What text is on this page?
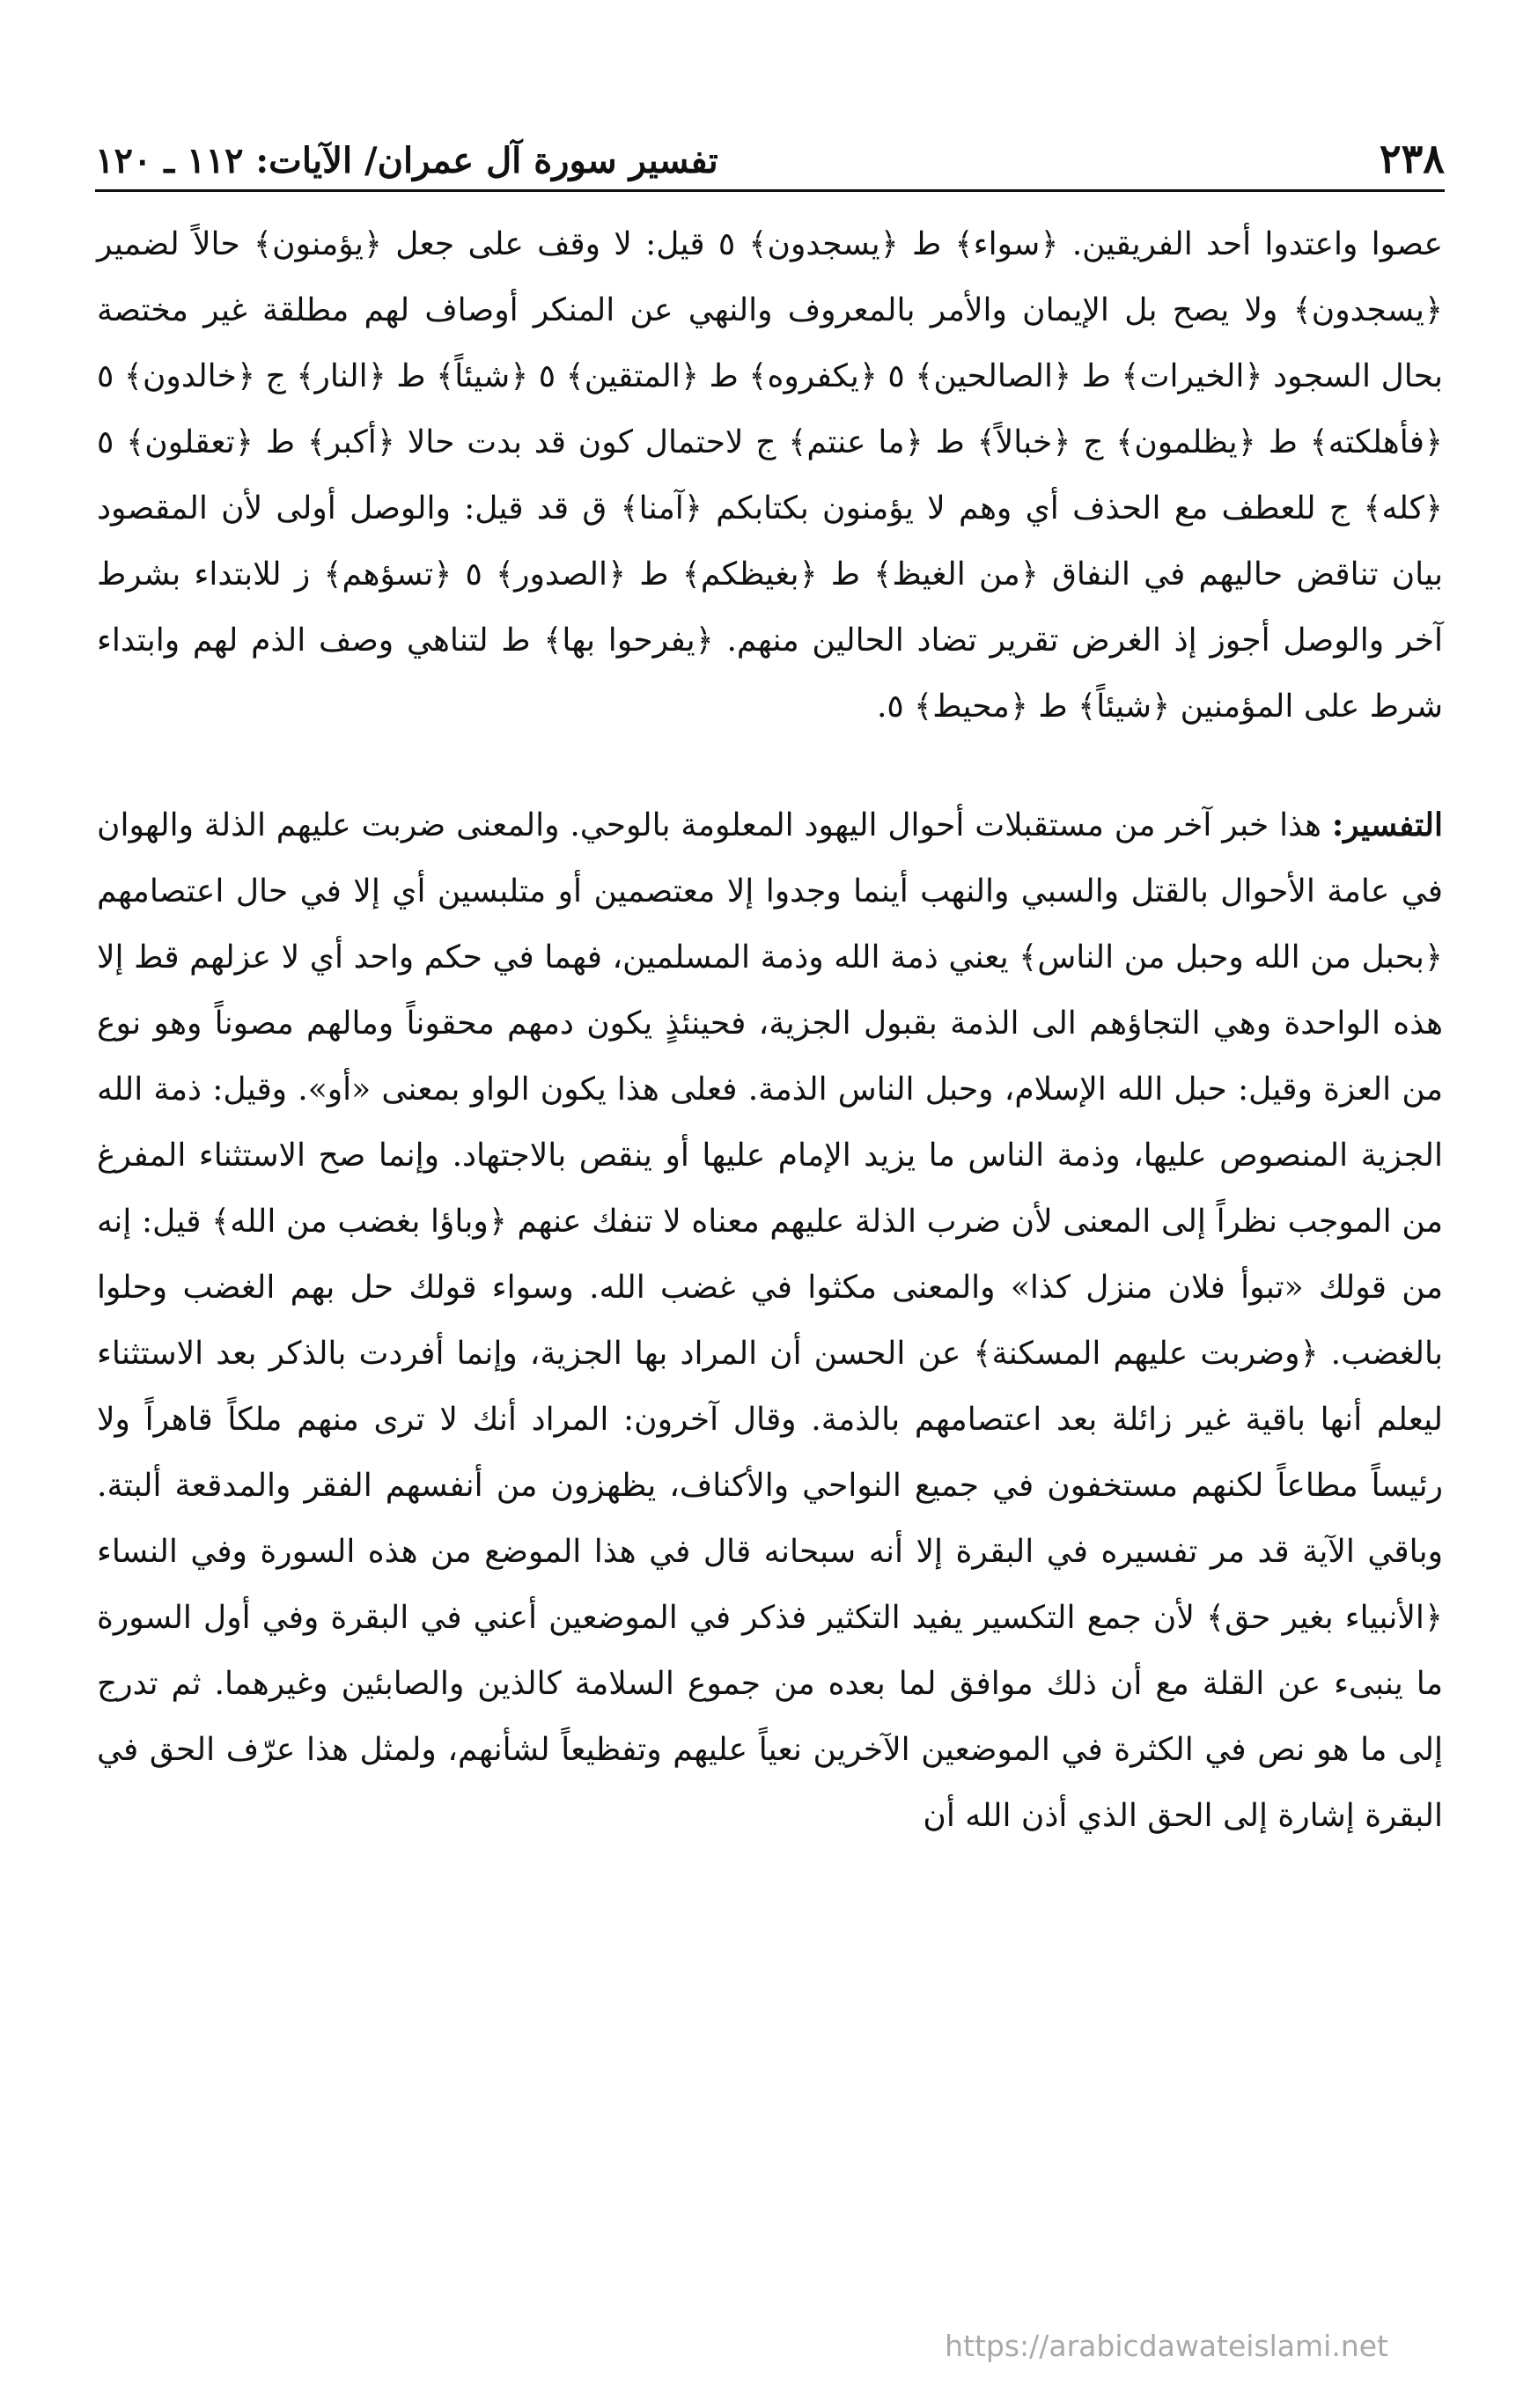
٢٣٨
تفسير سورة آل عمران/ الآيات: ١١٢ ـ ١٢٠

عصوا واعتدوا أحد الفريقين. ﴿سواء﴾ ط ﴿يسجدون﴾ ٥ قيل: لا وقف على جعل ﴿يؤمنون﴾ حالاً لضمير ﴿يسجدون﴾ ولا يصح بل الإيمان والأمر بالمعروف والنهي عن المنكر أوصاف لهم مطلقة غير مختصة بحال السجود ﴿الخيرات﴾ ط ﴿الصالحين﴾ ٥ ﴿يكفروه﴾ ط ﴿المتقين﴾ ٥ ﴿شيئاً﴾ ط ﴿النار﴾ ج ﴿خالدون﴾ ٥ ﴿فأهلكته﴾ ط ﴿يظلمون﴾ ج ﴿خبالاً﴾ ط ﴿ما عنتم﴾ ج لاحتمال كون قد بدت حالا ﴿أكبر﴾ ط ﴿تعقلون﴾ ٥ ﴿كله﴾ ج للعطف مع الحذف أي وهم لا يؤمنون بكتابكم ﴿آمنا﴾ ق قد قيل: والوصل أولى لأن المقصود بيان تناقض حاليهم في النفاق ﴿من الغيظ﴾ ط ﴿بغيظكم﴾ ط ﴿الصدور﴾ ٥ ﴿تسؤهم﴾ ز للابتداء بشرط آخر والوصل أجوز إذ الغرض تقرير تضاد الحالين منهم. ﴿يفرحوا بها﴾ ط لتناهي وصف الذم لهم وابتداء شرط على المؤمنين ﴿شيئاً﴾ ط ﴿محيط﴾ ٥.

التفسير: هذا خبر آخر من مستقبلات أحوال اليهود المعلومة بالوحي. والمعنى ضربت عليهم الذلة والهوان في عامة الأحوال بالقتل والسبي والنهب أينما وجدوا إلا معتصمين أو متلبسين أي إلا في حال اعتصامهم ﴿بحبل من الله وحبل من الناس﴾ يعني ذمة الله وذمة المسلمين، فهما في حكم واحد أي لا عزلهم قط إلا هذه الواحدة وهي التجاؤهم الى الذمة بقبول الجزية، فحينئذٍ يكون دمهم محقوناً ومالهم مصوناً وهو نوع من العزة وقيل: حبل الله الإسلام، وحبل الناس الذمة. فعلى هذا يكون الواو بمعنى «أو». وقيل: ذمة الله الجزية المنصوص عليها، وذمة الناس ما يزيد الإمام عليها أو ينقص بالاجتهاد. وإنما صح الاستثناء المفرغ من الموجب نظراً إلى المعنى لأن ضرب الذلة عليهم معناه لا تنفك عنهم ﴿وباؤا بغضب من الله﴾ قيل: إنه من قولك «تبوأ فلان منزل كذا» والمعنى مكثوا في غضب الله. وسواء قولك حل بهم الغضب وحلوا بالغضب. ﴿وضربت عليهم المسكنة﴾ عن الحسن أن المراد بها الجزية، وإنما أفردت بالذكر بعد الاستثناء ليعلم أنها باقية غير زائلة بعد اعتصامهم بالذمة. وقال آخرون: المراد أنك لا ترى منهم ملكاً قاهراً ولا رئيساً مطاعاً لكنهم مستخفون في جميع النواحي والأكناف، يظهزون من أنفسهم الفقر والمدقعة ألبتة. وباقي الآية قد مر تفسيره في البقرة إلا أنه سبحانه قال في هذا الموضع من هذه السورة وفي النساء ﴿الأنبياء بغير حق﴾ لأن جمع التكسير يفيد التكثير فذكر في الموضعين أعني في البقرة وفي أول السورة ما ينبىء عن القلة مع أن ذلك موافق لما بعده من جموع السلامة كالذين والصابئين وغيرهما. ثم تدرج إلى ما هو نص في الكثرة في الموضعين الآخرين نعياً عليهم وتفظيعاً لشأنهم، ولمثل هذا عرّف الحق في البقرة إشارة إلى الحق الذي أذن الله أن

https://arabicdawateislami.net
